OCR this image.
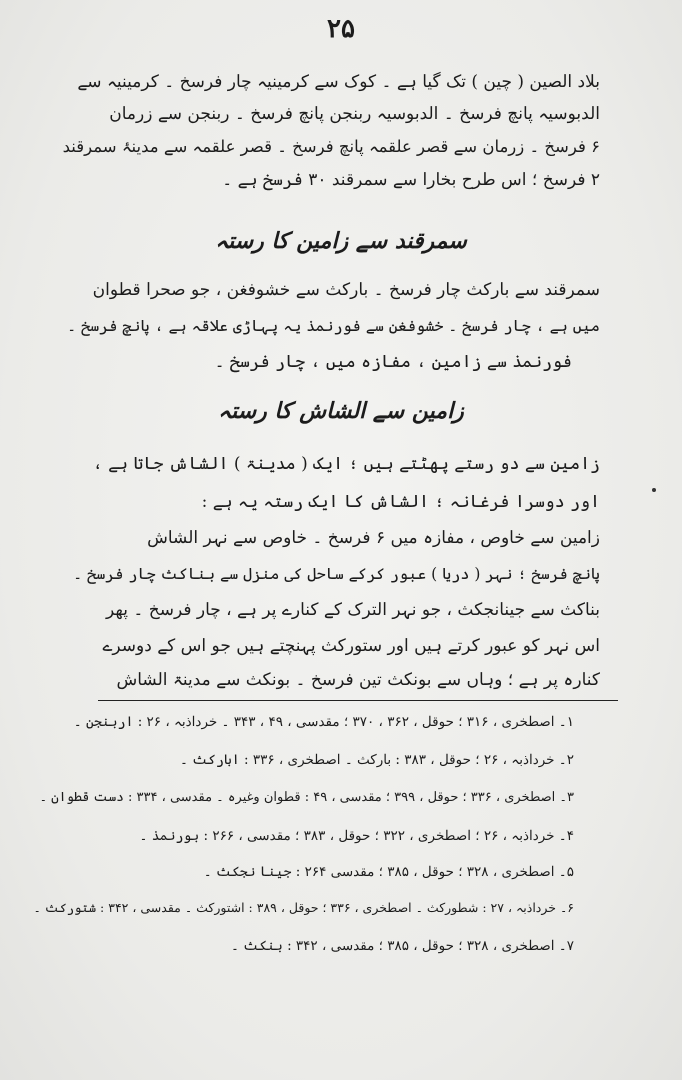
۲۵
بلاد الصین ( چین ) تک گیا ہے ۔ کوک سے کرمینیہ چار فرسخ ۔ کرمینیہ سے
الدبوسیہ پانچ فرسخ ۔ الدبوسیہ ربنجن پانچ فرسخ ۔ ربنجن سے زرمان
۶ فرسخ ۔ زرمان سے قصر علقمہ پانچ فرسخ ۔ قصر علقمہ سے مدینۂ سمرقند
۲ فرسخ ؛ اس طرح بخارا سے سمرقند ۳۰ فرسخ ہے ۔
سمرقند سے زامین کا رستہ
سمرقند سے بارکث چار فرسخ ۔ بارکث سے خشوفغن ، جو صحرا قطوان
میں ہے ، چار فرسخ ۔ خشوفغن سے فورنمذ یہ پہاڑی علاقہ ہے ، پانچ فرسخ ۔
فورنمذ سے زامین ، مفازہ میں ، چار فرسخ ۔
زامین سے الشاش کا رستہ
زامین سے دو رستے پھٹتے ہیں ؛ ایک ( مدینۃ ) الشاش جاتا ہے ،
اور دوسرا فرغانہ ؛ الشاش کا ایک رستہ یہ ہے :
زامین سے خاوص ، مفازہ میں ۶ فرسخ ۔ خاوص سے نہر الشاش
پانچ فرسخ ؛ نہر ( دریا ) عبور کرکے ساحل کی منزل سے بناکث چار فرسخ ۔
بناکث سے جینانجکث ، جو نہر الترک کے کنارے پر ہے ، چار فرسخ ۔ پھر
اس نہر کو عبور کرتے ہیں اور ستورکث پہنچتے ہیں جو اس کے دوسرے
کنارہ پر ہے ؛ وہاں سے بونکث تین فرسخ ۔ بونکث سے مدینۃ الشاش
۱۔ اصطخری ، ۳۱۶ ؛ حوقل ، ۳۶۲ ، ۳۷۰ ؛ مقدسی ، ۴۹ ، ۳۴۳ ۔ خرداذبہ ، ۲۶ : اربنجن ۔
۲۔ خرداذبہ ، ۲۶ ؛ حوقل ، ۳۸۳ : بارکث ۔ اصطخری ، ۳۳۶ : ابارکث ۔
۳۔ اصطخری ، ۳۳۶ ؛ حوقل ، ۳۹۹ ؛ مقدسی ، ۴۹ : قطوان وغیرہ ۔ مقدسی ، ۳۳۴ : دست قطوان ۔
۴۔ خرداذبہ ، ۲۶ ؛ اصطخری ، ۳۲۲ ؛ حوقل ، ۳۸۳ ؛ مقدسی ، ۲۶۶ : بورنمذ ۔
۵۔ اصطخری ، ۳۲۸ ؛ حوقل ، ۳۸۵ ؛ مقدسی ۲۶۴ : جینا نجکث ۔
۶۔ خرداذبہ ، ۲۷ : شطورکث ۔ اصطخری ، ۳۳۶ ؛ حوقل ، ۳۸۹ : اشتورکث ۔ مقدسی ، ۳۴۲ : شتورکث ۔
۷۔ اصطخری ، ۳۲۸ ؛ حوقل ، ۳۸۵ ؛ مقدسی ، ۳۴۲ : بنکث ۔
